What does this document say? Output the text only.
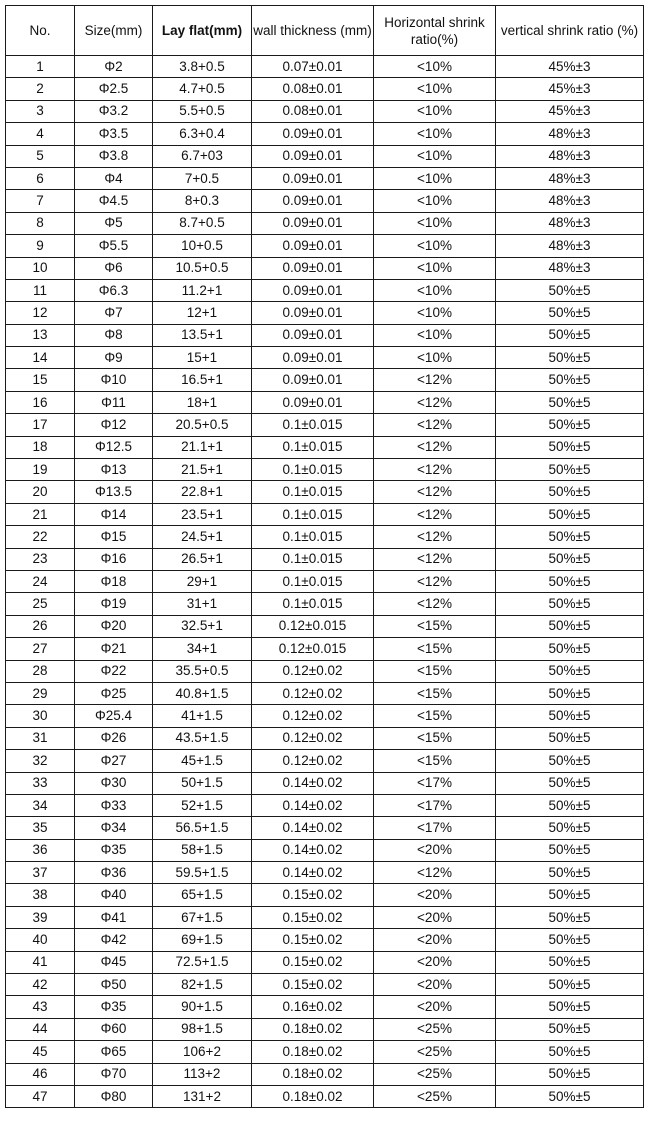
No.	Size(mm)	Lay flat(mm)	wall thickness (mm)	Horizontal shrink ratio(%)	vertical shrink ratio (%)
1	Φ2	3.8+0.5	0.07±0.01	<10%	45%±3
2	Φ2.5	4.7+0.5	0.08±0.01	<10%	45%±3
3	Φ3.2	5.5+0.5	0.08±0.01	<10%	45%±3
4	Φ3.5	6.3+0.4	0.09±0.01	<10%	48%±3
5	Φ3.8	6.7+03	0.09±0.01	<10%	48%±3
6	Φ4	7+0.5	0.09±0.01	<10%	48%±3
7	Φ4.5	8+0.3	0.09±0.01	<10%	48%±3
8	Φ5	8.7+0.5	0.09±0.01	<10%	48%±3
9	Φ5.5	10+0.5	0.09±0.01	<10%	48%±3
10	Φ6	10.5+0.5	0.09±0.01	<10%	48%±3
11	Φ6.3	11.2+1	0.09±0.01	<10%	50%±5
12	Φ7	12+1	0.09±0.01	<10%	50%±5
13	Φ8	13.5+1	0.09±0.01	<10%	50%±5
14	Φ9	15+1	0.09±0.01	<10%	50%±5
15	Φ10	16.5+1	0.09±0.01	<12%	50%±5
16	Φ11	18+1	0.09±0.01	<12%	50%±5
17	Φ12	20.5+0.5	0.1±0.015	<12%	50%±5
18	Φ12.5	21.1+1	0.1±0.015	<12%	50%±5
19	Φ13	21.5+1	0.1±0.015	<12%	50%±5
20	Φ13.5	22.8+1	0.1±0.015	<12%	50%±5
21	Φ14	23.5+1	0.1±0.015	<12%	50%±5
22	Φ15	24.5+1	0.1±0.015	<12%	50%±5
23	Φ16	26.5+1	0.1±0.015	<12%	50%±5
24	Φ18	29+1	0.1±0.015	<12%	50%±5
25	Φ19	31+1	0.1±0.015	<12%	50%±5
26	Φ20	32.5+1	0.12±0.015	<15%	50%±5
27	Φ21	34+1	0.12±0.015	<15%	50%±5
28	Φ22	35.5+0.5	0.12±0.02	<15%	50%±5
29	Φ25	40.8+1.5	0.12±0.02	<15%	50%±5
30	Φ25.4	41+1.5	0.12±0.02	<15%	50%±5
31	Φ26	43.5+1.5	0.12±0.02	<15%	50%±5
32	Φ27	45+1.5	0.12±0.02	<15%	50%±5
33	Φ30	50+1.5	0.14±0.02	<17%	50%±5
34	Φ33	52+1.5	0.14±0.02	<17%	50%±5
35	Φ34	56.5+1.5	0.14±0.02	<17%	50%±5
36	Φ35	58+1.5	0.14±0.02	<20%	50%±5
37	Φ36	59.5+1.5	0.14±0.02	<12%	50%±5
38	Φ40	65+1.5	0.15±0.02	<20%	50%±5
39	Φ41	67+1.5	0.15±0.02	<20%	50%±5
40	Φ42	69+1.5	0.15±0.02	<20%	50%±5
41	Φ45	72.5+1.5	0.15±0.02	<20%	50%±5
42	Φ50	82+1.5	0.15±0.02	<20%	50%±5
43	Φ35	90+1.5	0.16±0.02	<20%	50%±5
44	Φ60	98+1.5	0.18±0.02	<25%	50%±5
45	Φ65	106+2	0.18±0.02	<25%	50%±5
46	Φ70	113+2	0.18±0.02	<25%	50%±5
47	Φ80	131+2	0.18±0.02	<25%	50%±5
